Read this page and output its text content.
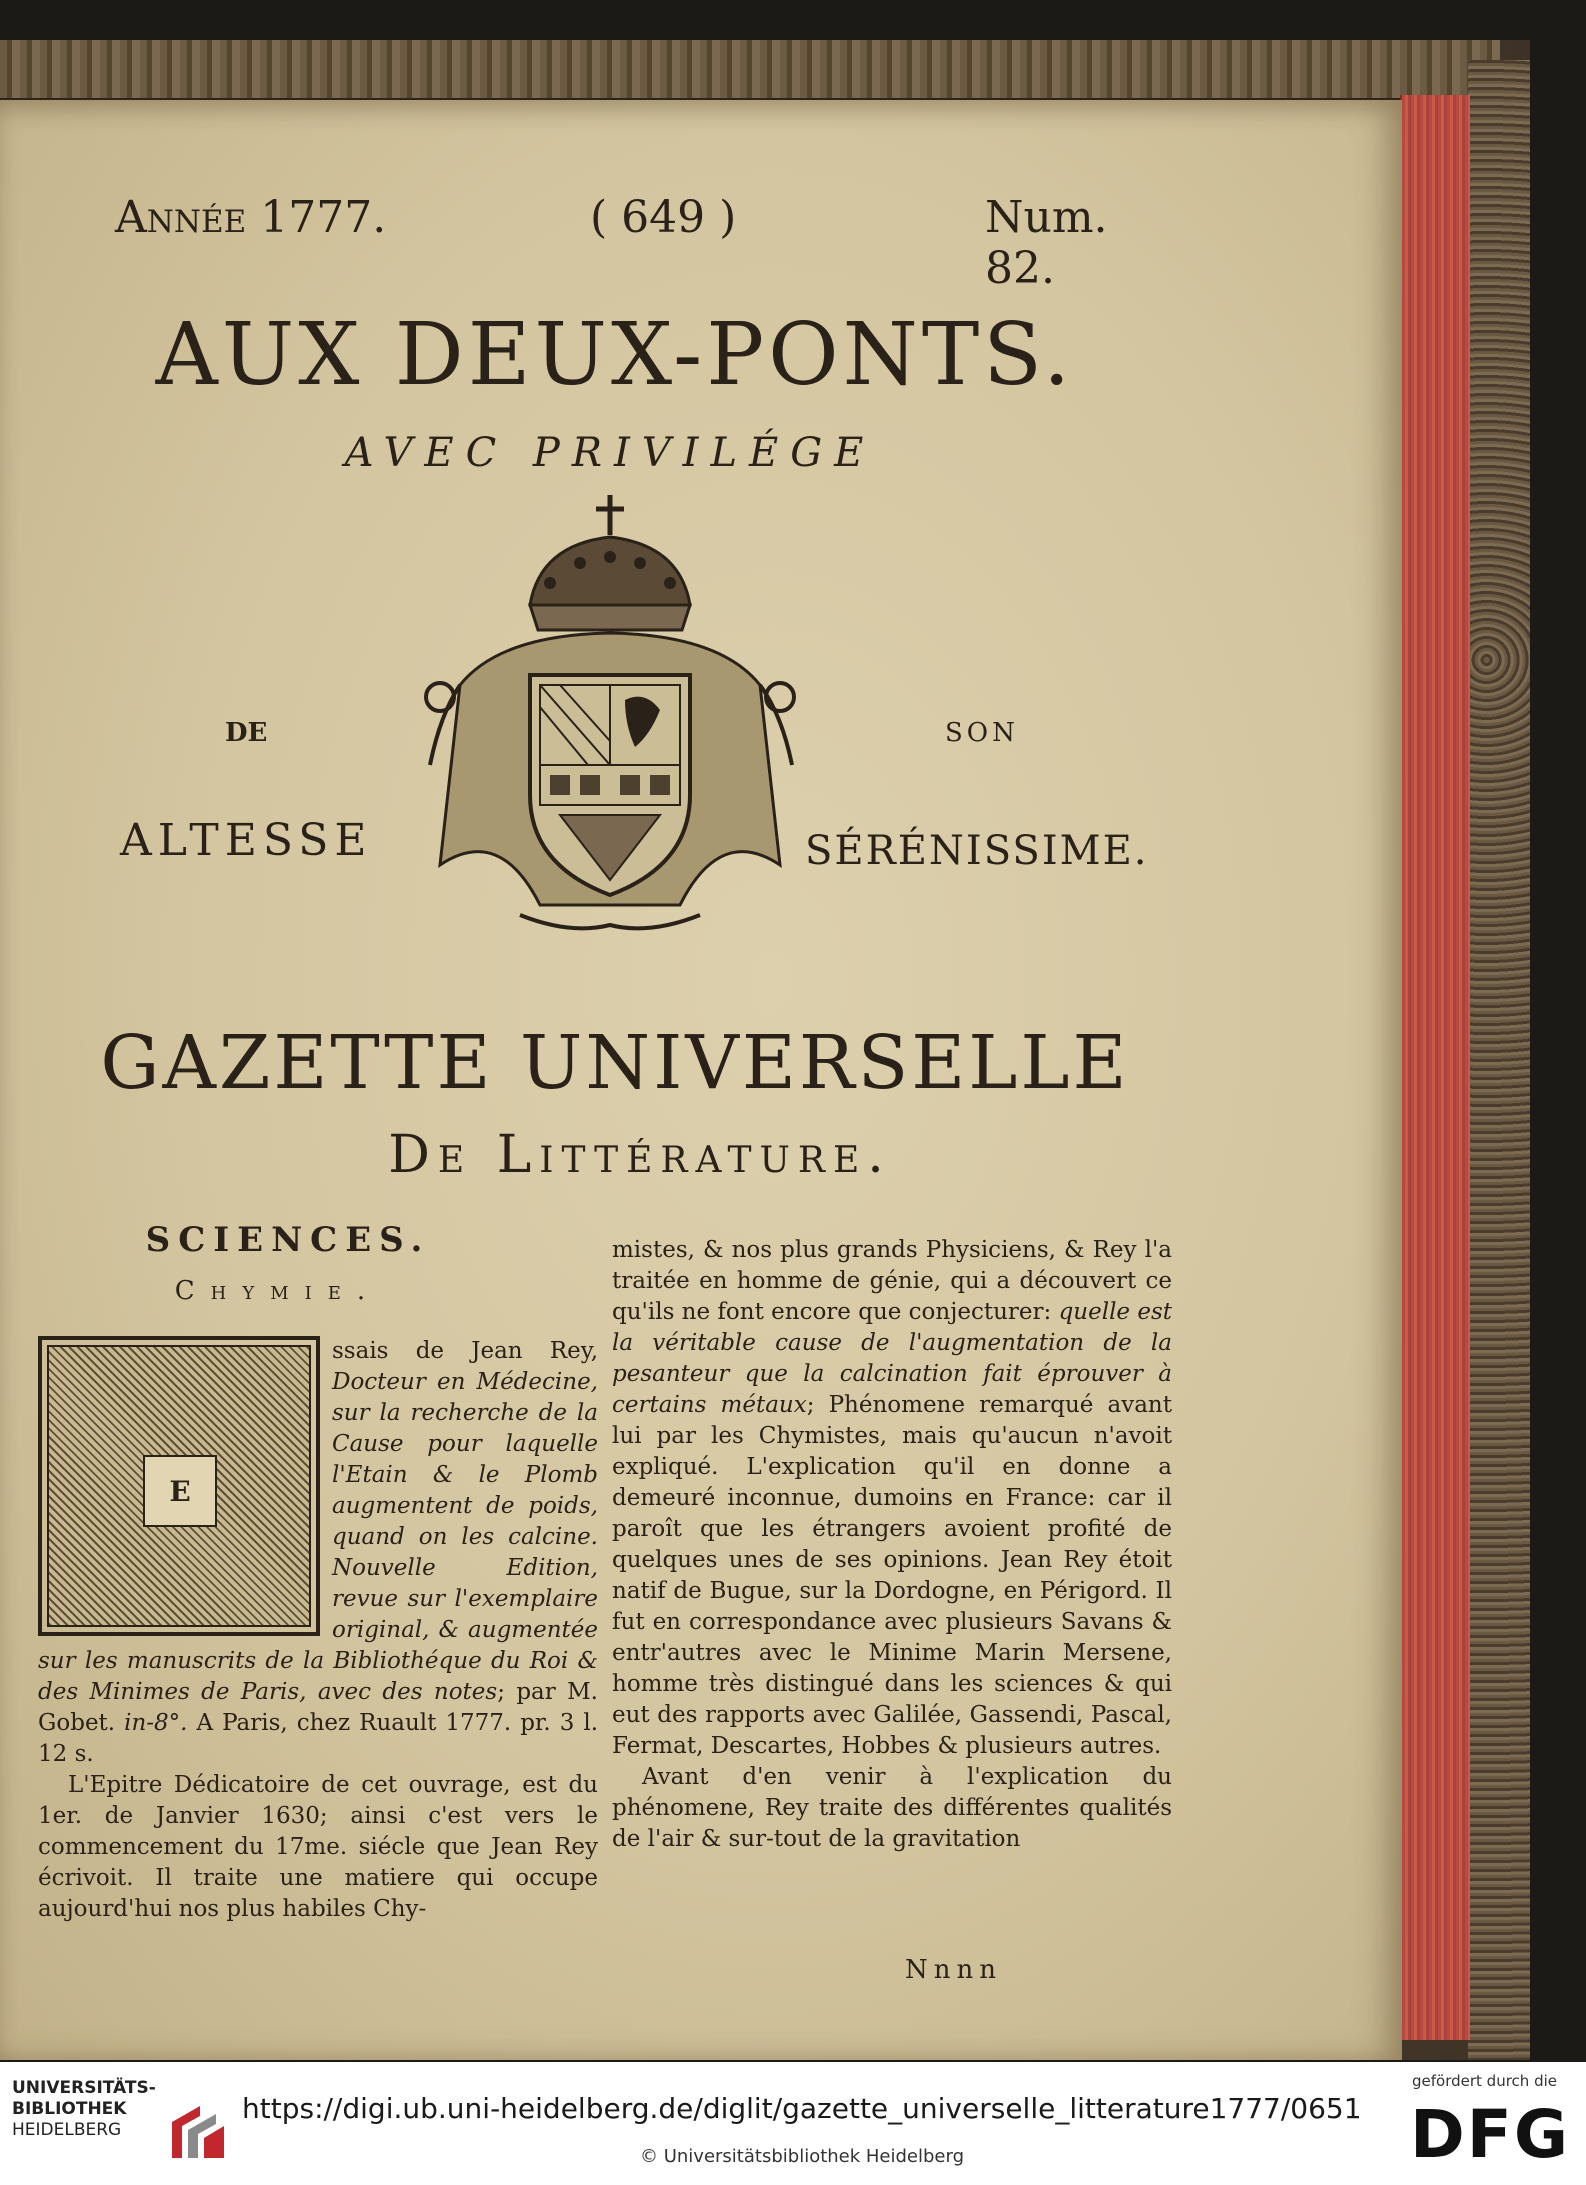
Année 1777.	( 649 )	Num. 82.
AUX DEUX-PONTS.
AVEC PRIVILÉGE
DE	SON
ALTESSE	SÉRÉNISSIME.
GAZETTE UNIVERSELLE
De Littérature.
SCIENCES.
Chymie.
E

ssais de Jean Rey, Docteur en Médecine, sur la recherche de la Cause pour laquelle l'Etain & le Plomb augmentent de poids, quand on les calcine. Nouvelle Edition, revue sur l'exemplaire original, & augmentée sur les manuscrits de la Bibliothéque du Roi & des Minimes de Paris, avec des notes; par M. Gobet. in-8°. A Paris, chez Ruault 1777. pr. 3 l. 12 s.

L'Epitre Dédicatoire de cet ouvrage, est du 1er. de Janvier 1630; ainsi c'est vers le commencement du 17me. siécle que Jean Rey écrivoit. Il traite une matiere qui occupe aujourd'hui nos plus habiles Chy-

mistes, & nos plus grands Physiciens, & Rey l'a traitée en homme de génie, qui a découvert ce qu'ils ne font encore que conjecturer: quelle est la véritable cause de l'augmentation de la pesanteur que la calcination fait éprouver à certains métaux; Phénomene remarqué avant lui par les Chymistes, mais qu'aucun n'avoit expliqué. L'explication qu'il en donne a demeuré inconnue, dumoins en France: car il paroît que les étrangers avoient profité de quelques unes de ses opinions. Jean Rey étoit natif de Bugue, sur la Dordogne, en Périgord. Il fut en correspondance avec plusieurs Savans & entr'autres avec le Minime Marin Mersene, homme très distingué dans les sciences & qui eut des rapports avec Galilée, Gassendi, Pascal, Fermat, Descartes, Hobbes & plusieurs autres.

Avant d'en venir à l'explication du phénomene, Rey traite des différentes qualités de l'air & sur-tout de la gravitation

Nnnn
UNIVERSITÄTS-
BIBLIOTHEK
HEIDELBERG
https://digi.ub.uni-heidelberg.de/diglit/gazette_universelle_litterature1777/0651
© Universitätsbibliothek Heidelberg
gefördert durch die
DFG
